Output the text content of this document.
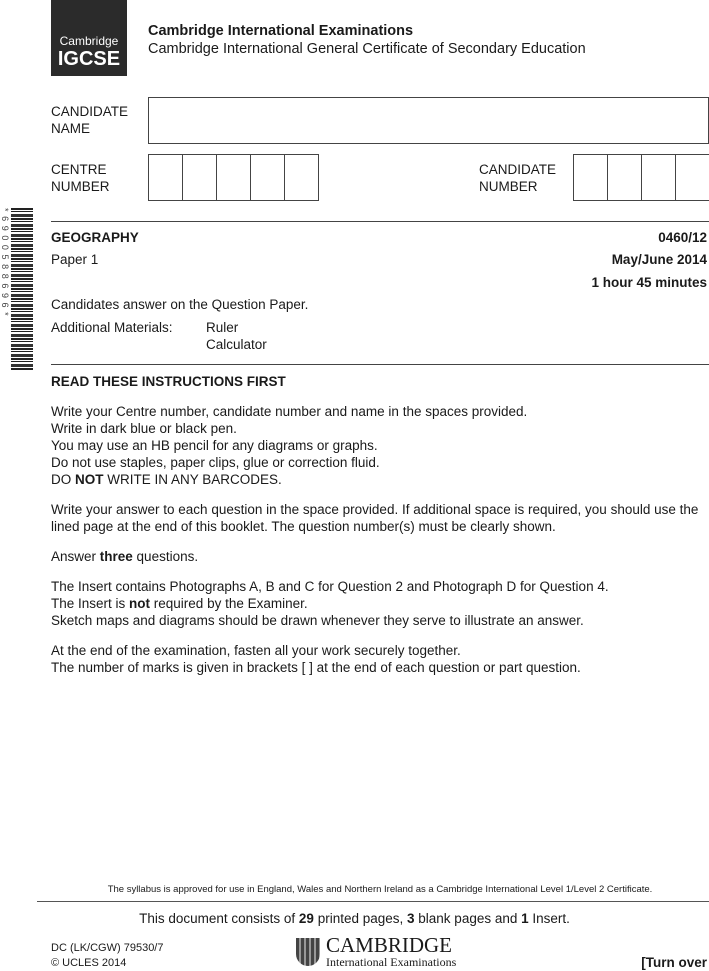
Cambridge
IGCSE
Cambridge International Examinations
Cambridge International General Certificate of Secondary Education

CANDIDATE

NAME

CENTRE

NUMBER

CANDIDATE

NUMBER

*6900588696*	GEOGRAPHY	0460/12
Paper 1	May/June 2014
1 hour 45 minutes
Candidates answer on the Question Paper.
Additional Materials: Ruler

Calculator

READ THESE INSTRUCTIONS FIRST

Write your Centre number, candidate number and name in the spaces provided.

Write in dark blue or black pen.

You may use an HB pencil for any diagrams or graphs.

Do not use staples, paper clips, glue or correction fluid.

DO NOT WRITE IN ANY BARCODES.

Write your answer to each question in the space provided. If additional space is required, you should use the lined page at the end of this booklet. The question number(s) must be clearly shown.

Answer three questions.

The Insert contains Photographs A, B and C for Question 2 and Photograph D for Question 4.

The Insert is not required by the Examiner.

Sketch maps and diagrams should be drawn whenever they serve to illustrate an answer.

At the end of the examination, fasten all your work securely together.

The number of marks is given in brackets [ ] at the end of each question or part question.

The syllabus is approved for use in England, Wales and Northern Ireland as a Cambridge International Level 1/Level 2 Certificate.
This document consists of 29 printed pages, 3 blank pages and 1 Insert.

DC (LK/CGW) 79530/7

© UCLES 2014

CAMBRIDGE
International Examinations	[Turn over
